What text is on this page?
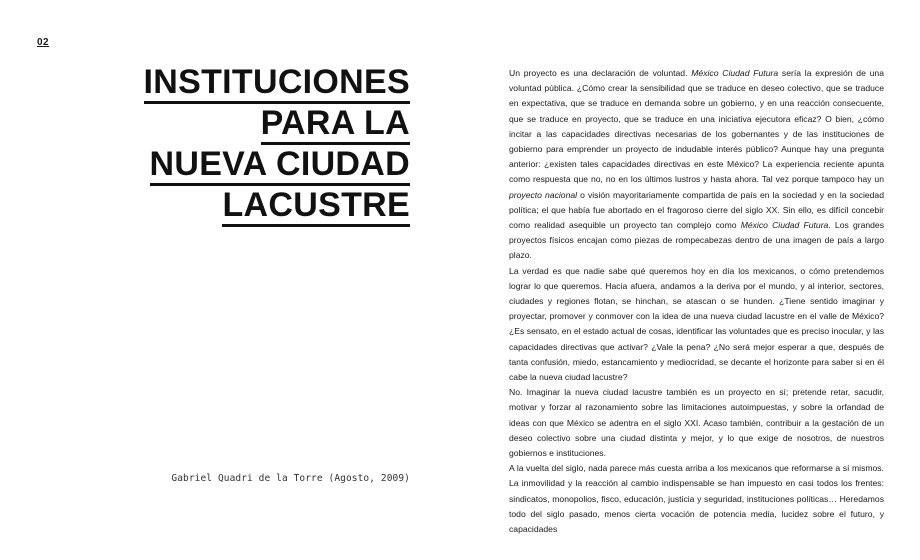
02
INSTITUCIONES
PARA LA
NUEVA CIUDAD
LACUSTRE
Gabriel Quadri de la Torre (Agosto, 2009)

Un proyecto es una declaración de voluntad. México Ciudad Futura sería la expresión de una voluntad pública. ¿Cómo crear la sensibilidad que se traduce en deseo colectivo, que se traduce en expectativa, que se traduce en demanda sobre un gobierno, y en una reacción consecuente, que se traduce en proyecto, que se traduce en una iniciativa ejecutora eficaz? O bien, ¿cómo incitar a las capacidades directivas necesarias de los gobernantes y de las instituciones de gobierno para emprender un proyecto de indudable interés público? Aunque hay una pregunta anterior: ¿existen tales capacidades directivas en este México? La experiencia reciente apunta como respuesta que no, no en los últimos lustros y hasta ahora. Tal vez porque tampoco hay un proyecto nacional o visión mayoritariamente compartida de país en la sociedad y en la sociedad política; el que había fue abortado en el fragoroso cierre del siglo XX. Sin ello, es difícil concebir como realidad asequible un proyecto tan complejo como México Ciudad Futura. Los grandes proyectos físicos encajan como piezas de rompecabezas dentro de una imagen de país a largo plazo.

La verdad es que nadie sabe qué queremos hoy en día los mexicanos, o cómo pretendemos lograr lo que queremos. Hacia afuera, andamos a la deriva por el mundo, y al interior, sectores, ciudades y regiones flotan, se hinchan, se atascan o se hunden. ¿Tiene sentido imaginar y proyectar, promover y conmover con la idea de una nueva ciudad lacustre en el valle de México? ¿Es sensato, en el estado actual de cosas, identificar las voluntades que es preciso inocular, y las capacidades directivas que activar? ¿Vale la pena? ¿No será mejor esperar a que, después de tanta confusión, miedo, estancamiento y mediocridad, se decante el horizonte para saber si en él cabe la nueva ciudad lacustre?

No. Imaginar la nueva ciudad lacustre también es un proyecto en sí; pretende retar, sacudir, motivar y forzar al razonamiento sobre las limitaciones autoimpuestas, y sobre la orfandad de ideas con que México se adentra en el siglo XXI. Acaso también, contribuir a la gestación de un deseo colectivo sobre una ciudad distinta y mejor, y lo que exige de nosotros, de nuestros gobiernos e instituciones.

A la vuelta del siglo, nada parece más cuesta arriba a los mexicanos que reformarse a sí mismos. La inmovilidad y la reacción al cambio indispensable se han impuesto en casi todos los frentes: sindicatos, monopolios, fisco, educación, justicia y seguridad, instituciones políticas… Heredamos todo del siglo pasado, menos cierta vocación de potencia media, lucidez sobre el futuro, y capacidades
